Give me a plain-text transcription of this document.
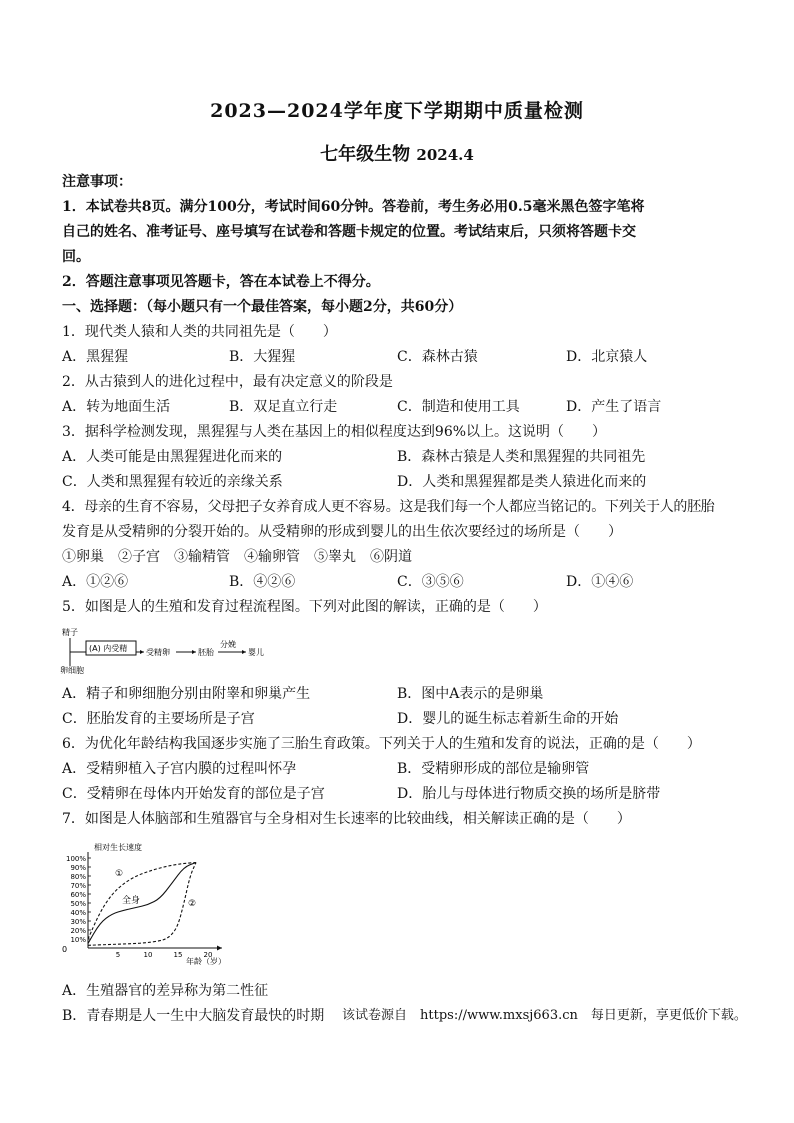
2023—2024学年度下学期期中质量检测
七年级生物 2024.4
注意事项：
1．本试卷共8页。满分100分，考试时间60分钟。答卷前，考生务必用0.5毫米黑色签字笔将
自己的姓名、准考证号、座号填写在试卷和答题卡规定的位置。考试结束后，只须将答题卡交
回。
2．答题注意事项见答题卡，答在本试卷上不得分。
一、选择题：（每小题只有一个最佳答案，每小题2分，共60分）
1．现代类人猿和人类的共同祖先是（　　）
A．黑猩猩	B．大猩猩	C．森林古猿	D．北京猿人
2．从古猿到人的进化过程中，最有决定意义的阶段是
A．转为地面生活	B．双足直立行走	C．制造和使用工具	D．产生了语言
3．据科学检测发现，黑猩猩与人类在基因上的相似程度达到96%以上。这说明（　　）
A．人类可能是由黑猩猩进化而来的	B．森林古猿是人类和黑猩猩的共同祖先
C．人类和黑猩猩有较近的亲缘关系	D．人类和黑猩猩都是类人猿进化而来的
4．母亲的生育不容易，父母把子女养育成人更不容易。这是我们每一个人都应当铭记的。下列关于人的胚胎
发育是从受精卵的分裂开始的。从受精卵的形成到婴儿的出生依次要经过的场所是（　　）
①卵巢　②子宫　③输精管　④输卵管　⑤睾丸　⑥阴道
A．①②⑥	B．④②⑥	C．③⑤⑥	D．①④⑥
5．如图是人的生殖和发育过程流程图。下列对此图的解读，正确的是（　　）
精子
卵细胞
(A) 内受精 受精卵	胚胎
分娩
婴儿
A．精子和卵细胞分别由附睾和卵巢产生	B．图中A表示的是卵巢
C．胚胎发育的主要场所是子宫	D．婴儿的诞生标志着新生命的开始
6．为优化年龄结构我国逐步实施了三胎生育政策。下列关于人的生殖和发育的说法，正确的是（　　）
A．受精卵植入子宫内膜的过程叫怀孕	B．受精卵形成的部位是输卵管
C．受精卵在母体内开始发育的部位是子宫	D．胎儿与母体进行物质交换的场所是脐带
7．如图是人体脑部和生殖器官与全身相对生长速率的比较曲线，相关解读正确的是（　　）
相对生长速度
0
10%
20%
30%
40%
50%
60%
70%
80%
90%
100%
5	10	15	20
全身
①
②
年龄（岁）
A．生殖器官的差异称为第二性征
B．青春期是人一生中大脑发育最快的时期 该试卷源自　https://www.mxsj663.cn　每日更新，享更低价下载。
